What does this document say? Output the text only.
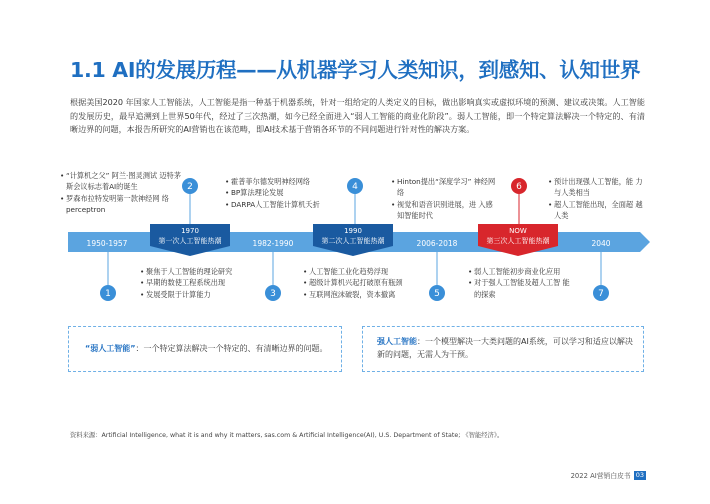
1.1 AI的发展历程——从机器学习人类知识，到感知、认知世界

根据美国2020 年国家人工智能法，人工智能是指一种基于机器系统，针对一组给定的人类定义的目标，做出影响真实或虚拟环境的预测、建议或决策。人工智能的发展历史，最早追溯到上世界50年代，经过了三次热潮，如今已经全面进入“弱人工智能的商业化阶段”。弱人工智能，即一个特定算法解决一个特定的、有清晰边界的问题，本报告所研究的AI营销也在该范畴，即AI技术基于营销各环节的不同问题进行针对性的解决方案。

1950-1957
1970
第一次人工智能热潮	1982-1990
1990
第二次人工智能热潮	2006-2018
NOW
第三次人工智能热潮	2040
1
2
3
4
5
6
7
• 聚焦于人工智能的理论研究
• 早期的数使工程系统出现
• 发展受限于计算能力
• “计算机之父” 阿兰·图灵测试 迈特茅斯会议标志着AI的诞生
• 罗森布拉特发明第一款神经网 络perceptron
• 人工智能工业化趋势浮现
• 超级计算机兴起打破原有瓶颈
• 互联网泡沫破裂，资本撤离
• 霍普菲尔德发明神经网络
• BP算法理论发展
• DARPA人工智能计算机夭折
• 弱人工智能初步商业化应用
• 对于强人工智能及超人工智 能的探索
• Hinton提出“深度学习” 神经网络
• 视觉和语音识别进展，进 入感知智能时代
• 预计出现强人工智能，能 力与人类相当
• 超人工智能出现，全面超 越人类
“弱人工智能”：一个特定算法解决一个特定的、有清晰边界的问题。
强人工智能：一个模型解决一大类问题的AI系统，可以学习和适应以解决新的问题，无需人为干预。
资料来源：Artificial Intelligence, what it is and why it matters, sas.com & Artificial Intelligence(AI), U.S. Department of State; 《智能经济》。
2022 AI营销白皮书 03
